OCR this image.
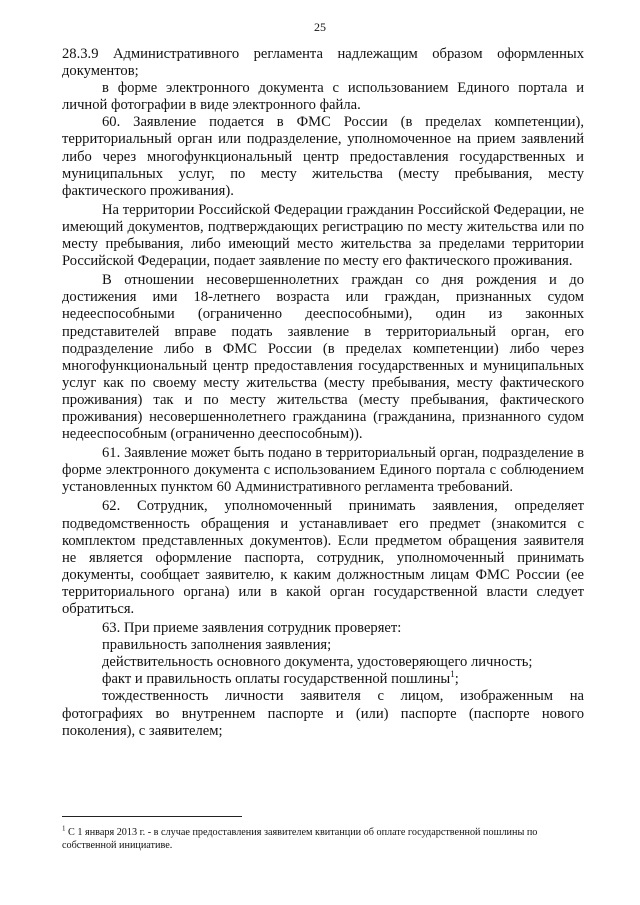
25

28.3.9 Административного регламента надлежащим образом оформленных документов;

в форме электронного документа с использованием Единого портала и личной фотографии в виде электронного файла.

60. Заявление подается в ФМС России (в пределах компетенции), территориальный орган или подразделение, уполномоченное на прием заявлений либо через многофункциональный центр предоставления государственных и муниципальных услуг, по месту жительства (месту пребывания, месту фактического проживания).

На территории Российской Федерации гражданин Российской Федерации, не имеющий документов, подтверждающих регистрацию по месту жительства или по месту пребывания, либо имеющий место жительства за пределами территории Российской Федерации, подает заявление по месту его фактического проживания.

В отношении несовершеннолетних граждан со дня рождения и до достижения ими 18-летнего возраста или граждан, признанных судом недееспособными (ограниченно дееспособными), один из законных представителей вправе подать заявление в территориальный орган, его подразделение либо в ФМС России (в пределах компетенции) либо через многофункциональный центр предоставления государственных и муниципальных услуг как по своему месту жительства (месту пребывания, месту фактического проживания) так и по месту жительства (месту пребывания, фактического проживания) несовершеннолетнего гражданина (гражданина, признанного судом недееспособным (ограниченно дееспособным)).

61. Заявление может быть подано в территориальный орган, подразделение в форме электронного документа с использованием Единого портала с соблюдением установленных пунктом 60 Административного регламента требований.

62. Сотрудник, уполномоченный принимать заявления, определяет подведомственность обращения и устанавливает его предмет (знакомится с комплектом представленных документов). Если предметом обращения заявителя не является оформление паспорта, сотрудник, уполномоченный принимать документы, сообщает заявителю, к каким должностным лицам ФМС России (ее территориального органа) или в какой орган государственной власти следует обратиться.

63. При приеме заявления сотрудник проверяет:

правильность заполнения заявления;

действительность основного документа, удостоверяющего личность;

факт и правильность оплаты государственной пошлины$^1$;

тождественность личности заявителя с лицом, изображенным на фотографиях во внутреннем паспорте и (или) паспорте (паспорте нового поколения), с заявителем;

$^1$ С 1 января 2013 г. - в случае предоставления заявителем квитанции об оплате государственной пошлины по собственной инициативе.
